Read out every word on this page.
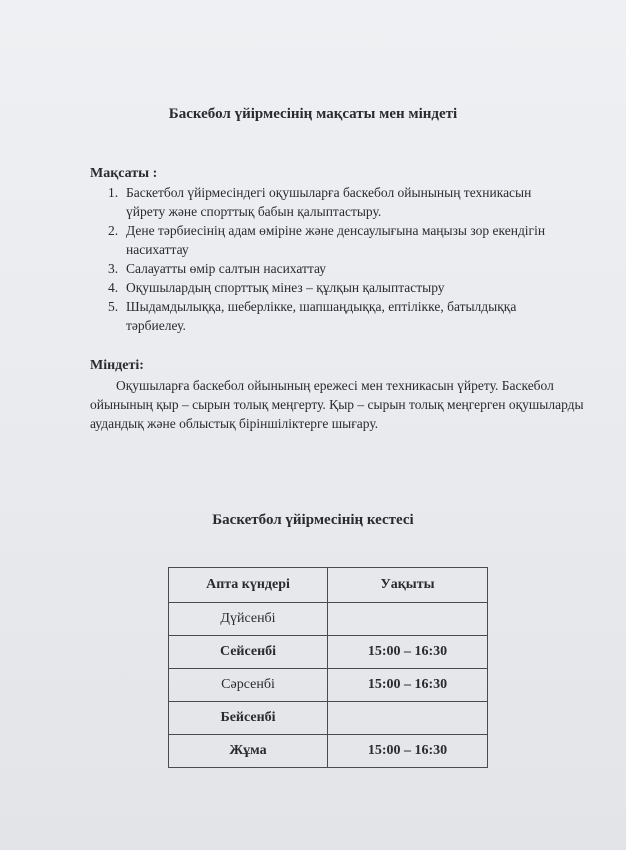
Баскебол үйірмесінің мақсаты мен міндеті
Мақсаты :
1. Баскетбол үйірмесіндегі оқушыларға баскебол ойынының техникасын үйрету және спорттық бабын қалыптастыру.
2. Дене тәрбиесінің адам өміріне және денсаулығына маңызы зор екендігін насихаттау
3. Салауатты өмір салтын насихаттау
4. Оқушылардың спорттық мінез – құлқын қалыптастыру
5. Шыдамдылыққа, шеберлікке, шапшаңдыққа, ептілікке, батылдыққа тәрбиелеу.
Міндеті:
Оқушыларға баскебол ойынының ережесі мен техникасын үйрету. Баскебол ойынының қыр – сырын толық меңгерту. Қыр – сырын толық меңгерген оқушыларды аудандық және облыстық біріншіліктерге шығару.
Баскетбол үйірмесінің кестесі
Апта күндері	Уақыты
Дүйсенбі	
Сейсенбі	15:00 – 16:30
Сәрсенбі	15:00 – 16:30
Бейсенбі	
Жұма	15:00 – 16:30
